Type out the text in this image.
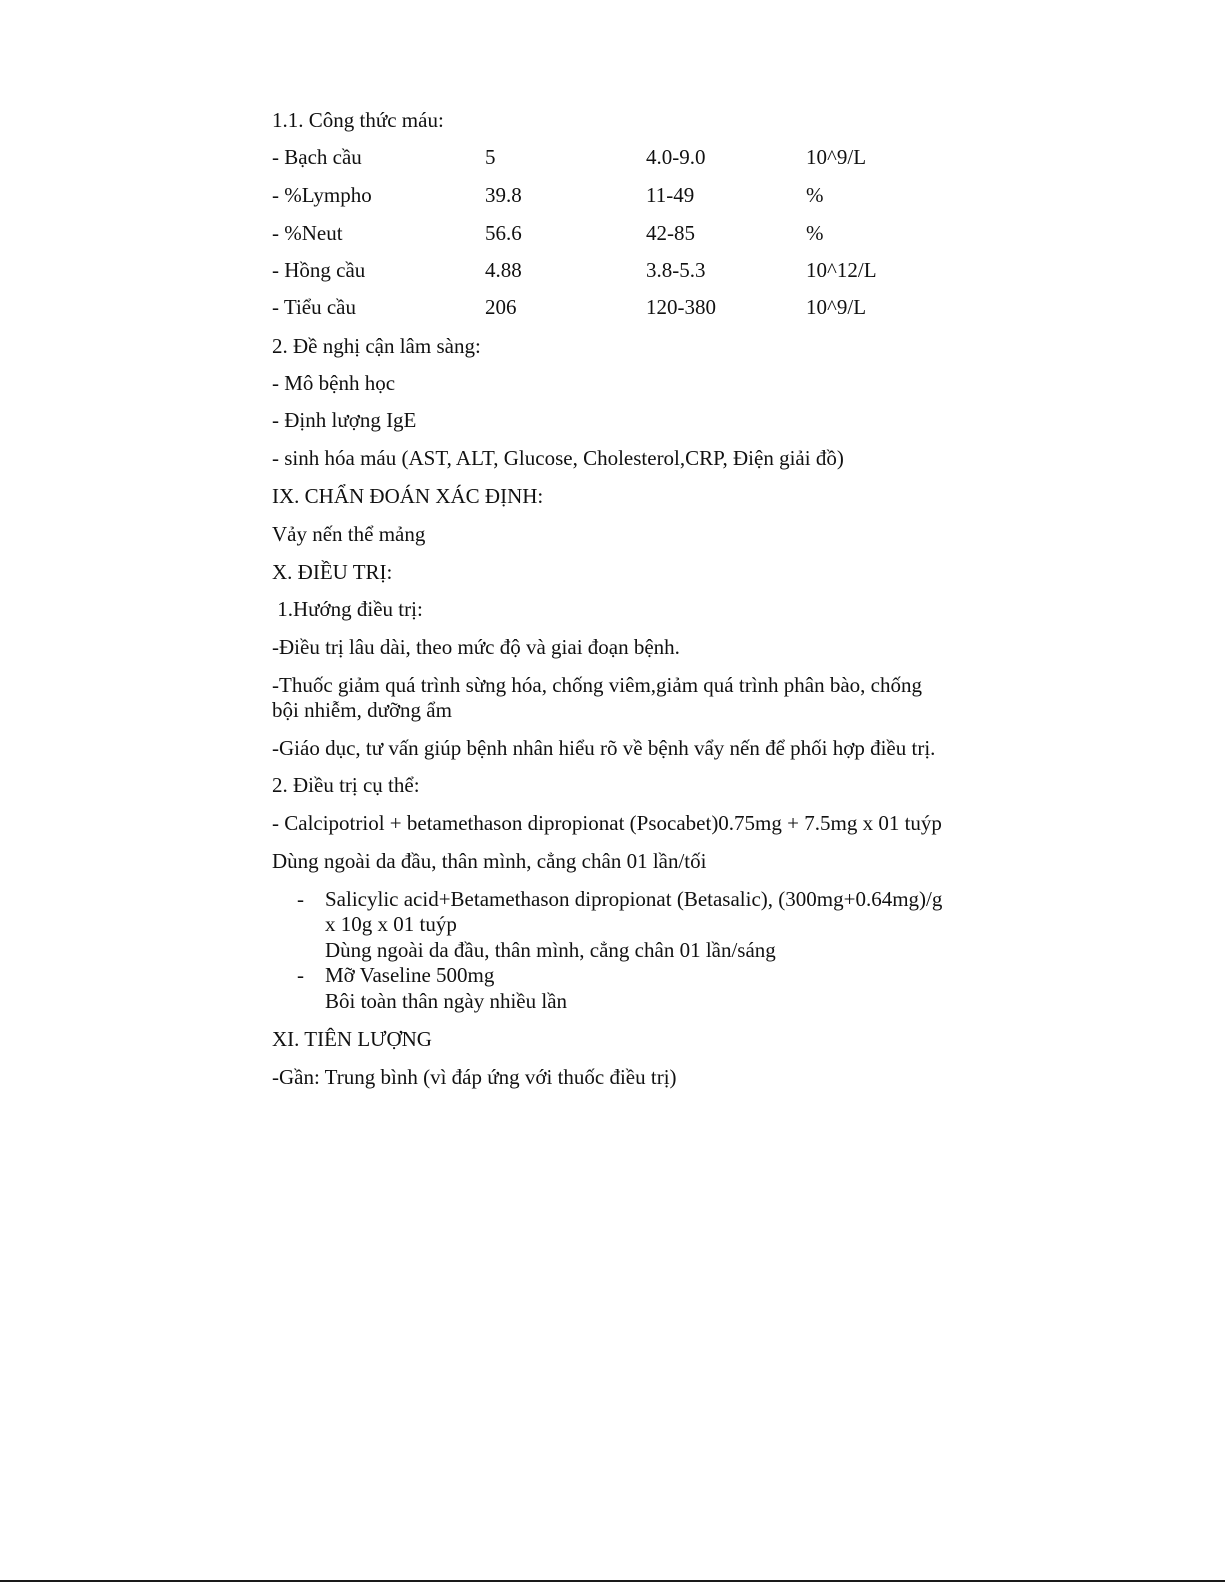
1.1. Công thức máu:
- Bạch cầu	5	4.0-9.0	10^9/L
- %Lympho	39.8	11-49	%
- %Neut	56.6	42-85	%
- Hồng cầu	4.88	3.8-5.3	10^12/L
- Tiểu cầu	206	120-380	10^9/L
2. Đề nghị cận lâm sàng:
- Mô bệnh học
- Định lượng IgE
- sinh hóa máu (AST, ALT, Glucose, Cholesterol,CRP, Điện giải đồ)
IX. CHẨN ĐOÁN XÁC ĐỊNH:
Vảy nến thể mảng
X. ĐIỀU TRỊ:
1.Hướng điều trị:
-Điều trị lâu dài, theo mức độ và giai đoạn bệnh.
-Thuốc giảm quá trình sừng hóa, chống viêm,giảm quá trình phân bào, chống
bội nhiễm, dưỡng ẩm
-Giáo dục, tư vấn giúp bệnh nhân hiểu rõ về bệnh vẩy nến để phối hợp điều trị.
2. Điều trị cụ thể:
- Calcipotriol + betamethason dipropionat (Psocabet)0.75mg + 7.5mg x 01 tuýp
Dùng ngoài da đầu, thân mình, cẳng chân 01 lần/tối
- Salicylic acid+Betamethason dipropionat (Betasalic), (300mg+0.64mg)/g
x 10g x 01 tuýp
Dùng ngoài da đầu, thân mình, cẳng chân 01 lần/sáng
- Mỡ Vaseline 500mg
Bôi toàn thân ngày nhiều lần
XI. TIÊN LƯỢNG
-Gần: Trung bình (vì đáp ứng với thuốc điều trị)
